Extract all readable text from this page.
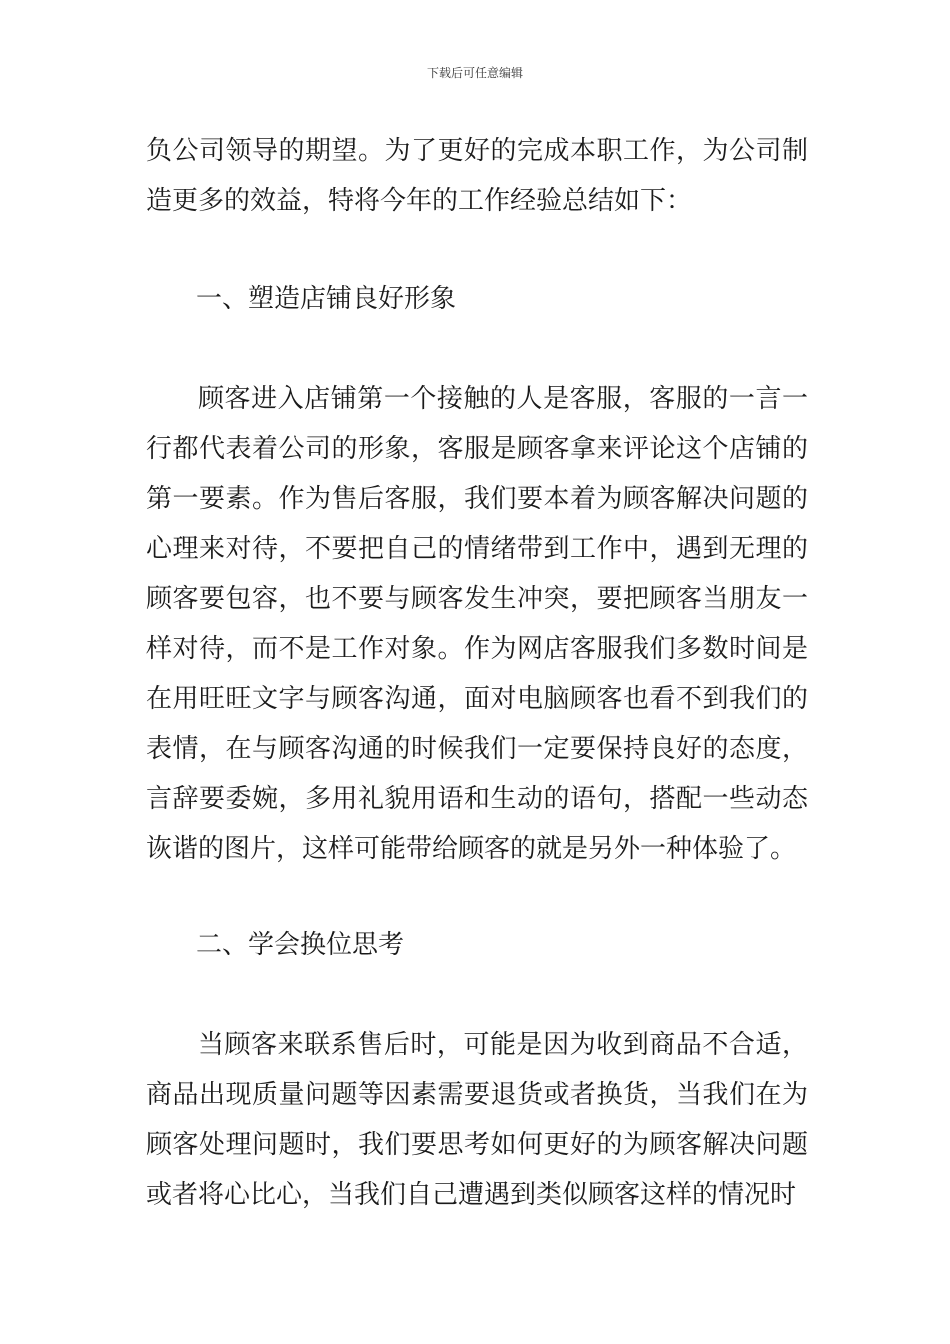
下载后可任意编辑
负公司领导的期望。为了更好的完成本职工作，为公司制造更多的效益，特将今年的工作经验总结如下：
一、塑造店铺良好形象
顾客进入店铺第一个接触的人是客服，客服的一言一行都代表着公司的形象，客服是顾客拿来评论这个店铺的第一要素。作为售后客服，我们要本着为顾客解决问题的心理来对待，不要把自己的情绪带到工作中，遇到无理的顾客要包容，也不要与顾客发生冲突，要把顾客当朋友一样对待，而不是工作对象。作为网店客服我们多数时间是在用旺旺文字与顾客沟通，面对电脑顾客也看不到我们的表情，在与顾客沟通的时候我们一定要保持良好的态度，言辞要委婉，多用礼貌用语和生动的语句，搭配一些动态诙谐的图片，这样可能带给顾客的就是另外一种体验了。
二、学会换位思考
当顾客来联系售后时，可能是因为收到商品不合适，商品出现质量问题等因素需要退货或者换货，当我们在为顾客处理问题时，我们要思考如何更好的为顾客解决问题或者将心比心，当我们自己遭遇到类似顾客这样的情况时
